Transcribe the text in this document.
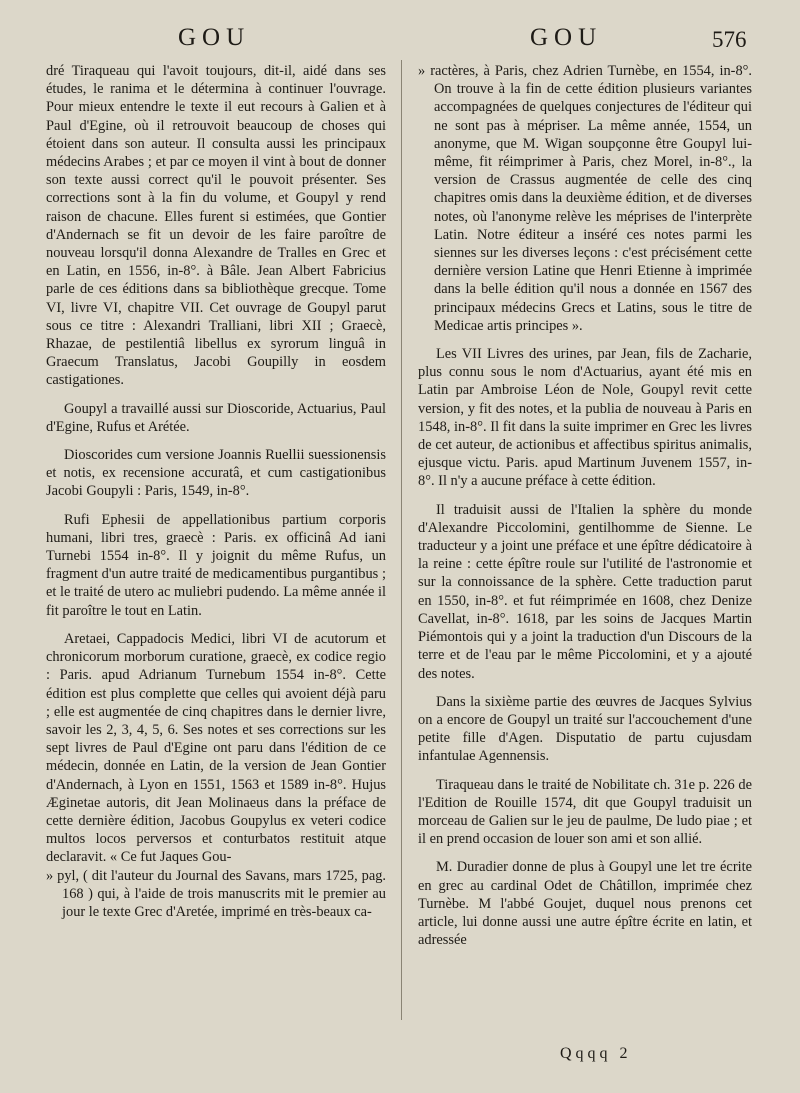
GOU	GOU	576

dré Tiraqueau qui l'avoit toujours, dit-il, aidé dans ses études, le ranima et le détermina à continuer l'ouvrage. Pour mieux entendre le texte il eut recours à Galien et à Paul d'Egine, où il retrouvoit beaucoup de choses qui étoient dans son auteur. Il consulta aussi les principaux médecins Arabes ; et par ce moyen il vint à bout de donner son texte aussi correct qu'il le pouvoit présenter. Ses corrections sont à la fin du volume, et Goupyl y rend raison de chacune. Elles furent si estimées, que Gontier d'Andernach se fit un devoir de les faire paroître de nouveau lorsqu'il donna Alexandre de Tralles en Grec et en Latin, en 1556, in-8°. à Bâle. Jean Albert Fabricius parle de ces éditions dans sa bibliothèque grecque. Tome VI, livre VI, chapitre VII. Cet ouvrage de Goupyl parut sous ce titre : Alexandri Tralliani, libri XII ; Graecè, Rhazae, de pestilentiâ libellus ex syrorum linguâ in Graecum Translatus, Jacobi Goupilly in eosdem castigationes.

Goupyl a travaillé aussi sur Dioscoride, Actuarius, Paul d'Egine, Rufus et Arétée.

Dioscorides cum versione Joannis Ruellii suessionensis et notis, ex recensione accuratâ, et cum castigationibus Jacobi Goupyli : Paris, 1549, in-8°.

Rufi Ephesii de appellationibus partium corporis humani, libri tres, graecè : Paris. ex officinâ Ad iani Turnebi 1554 in-8°. Il y joignit du même Rufus, un fragment d'un autre traité de medicamentibus purgantibus ; et le traité de utero ac muliebri pudendo. La même année il fit paroître le tout en Latin.

Aretaei, Cappadocis Medici, libri VI de acutorum et chronicorum morborum curatione, graecè, ex codice regio : Paris. apud Adrianum Turnebum 1554 in-8°. Cette édition est plus complette que celles qui avoient déjà paru ; elle est augmentée de cinq chapitres dans le dernier livre, savoir les 2, 3, 4, 5, 6. Ses notes et ses corrections sur les sept livres de Paul d'Egine ont paru dans l'édition de ce médecin, donnée en Latin, de la version de Jean Gontier d'Andernach, à Lyon en 1551, 1563 et 1589 in-8°. Hujus Æginetae autoris, dit Jean Molinaeus dans la préface de cette dernière édition, Jacobus Goupylus ex veteri codice multos locos perversos et conturbatos restituit atque declaravit. « Ce fut Jaques Gou-

» pyl, ( dit l'auteur du Journal des Savans, mars 1725, pag. 168 ) qui, à l'aide de trois manuscrits mit le premier au jour le texte Grec d'Aretée, imprimé en très-beaux ca-

» ractères, à Paris, chez Adrien Turnèbe, en 1554, in-8°. On trouve à la fin de cette édition plusieurs variantes accompagnées de quelques conjectures de l'éditeur qui ne sont pas à mépriser. La même année, 1554, un anonyme, que M. Wigan soupçonne être Goupyl lui-même, fit réimprimer à Paris, chez Morel, in-8°., la version de Crassus augmentée de celle des cinq chapitres omis dans la deuxième édition, et de diverses notes, où l'anonyme relève les méprises de l'interprète Latin. Notre éditeur a inséré ces notes parmi les siennes sur les diverses leçons : c'est précisément cette dernière version Latine que Henri Etienne à imprimée dans la belle édition qu'il nous a donnée en 1567 des principaux médecins Grecs et Latins, sous le titre de Medicae artis principes ».

Les VII Livres des urines, par Jean, fils de Zacharie, plus connu sous le nom d'Actuarius, ayant été mis en Latin par Ambroise Léon de Nole, Goupyl revit cette version, y fit des notes, et la publia de nouveau à Paris en 1548, in-8°. Il fit dans la suite imprimer en Grec les livres de cet auteur, de actionibus et affectibus spiritus animalis, ejusque victu. Paris. apud Martinum Juvenem 1557, in-8°. Il n'y a aucune préface à cette édition.

Il traduisit aussi de l'Italien la sphère du monde d'Alexandre Piccolomini, gentilhomme de Sienne. Le traducteur y a joint une préface et une épître dédicatoire à la reine : cette épître roule sur l'utilité de l'astronomie et sur la connoissance de la sphère. Cette traduction parut en 1550, in-8°. et fut réimprimée en 1608, chez Denize Cavellat, in-8°. 1618, par les soins de Jacques Martin Piémontois qui y a joint la traduction d'un Discours de la terre et de l'eau par le même Piccolomini, et y a ajouté des notes.

Dans la sixième partie des œuvres de Jacques Sylvius on a encore de Goupyl un traité sur l'accouchement d'une petite fille d'Agen. Disputatio de partu cujusdam infantulae Agennensis.

Tiraqueau dans le traité de Nobilitate ch. 31e p. 226 de l'Edition de Rouille 1574, dit que Goupyl traduisit un morceau de Galien sur le jeu de paulme, De ludo piae ; et il en prend occasion de louer son ami et son allié.

M. Duradier donne de plus à Goupyl une let tre écrite en grec au cardinal Odet de Châtillon, imprimée chez Turnèbe. M l'abbé Goujet, duquel nous prenons cet article, lui donne aussi une autre épître écrite en latin, et adressée

Qqqq 2
